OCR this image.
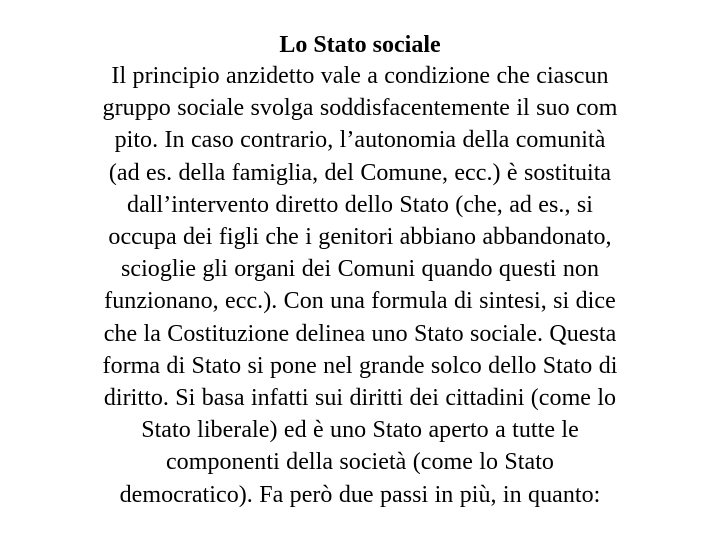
Lo Stato sociale

Il principio anzidetto vale a condizione che ciascun
gruppo sociale svolga soddisfacentemente il suo com
pito. In caso contrario, l’autonomia della comunità
(ad es. della famiglia, del Comune, ecc.) è sostituita
dall’intervento diretto dello Stato (che, ad es., si
occupa dei figli che i genitori abbiano abbandonato,
scioglie gli organi dei Comuni quando questi non
funzionano, ecc.). Con una formula di sintesi, si dice
che la Costituzione delinea uno Stato sociale. Questa
forma di Stato si pone nel grande solco dello Stato di
diritto. Si basa infatti sui diritti dei cittadini (come lo
Stato liberale) ed è uno Stato aperto a tutte le
componenti della società (come lo Stato
democratico). Fa però due passi in più, in quanto:
